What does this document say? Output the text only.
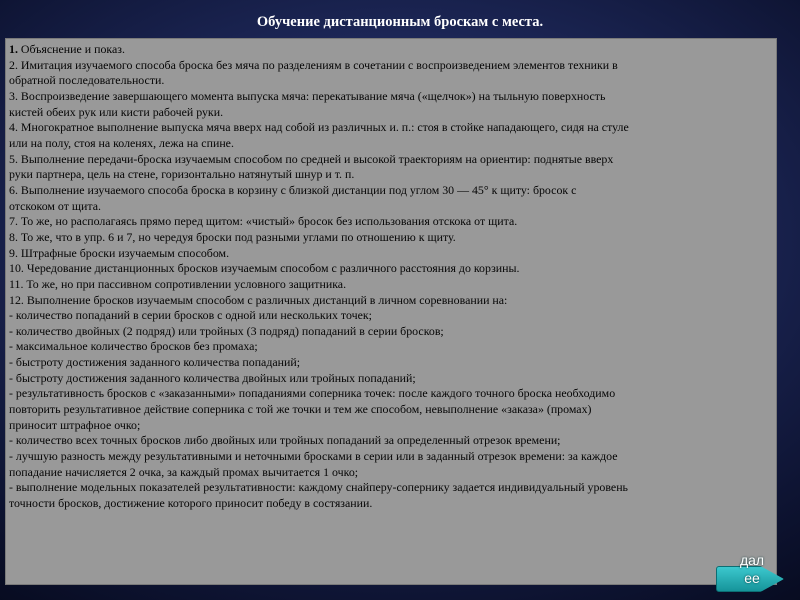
Обучение дистанционным броскам с места.
1. Объяснение и показ.
2. Имитация изучаемого способа броска без мяча по разделениям в сочетании с воспроизведением элементов техники в
обратной последовательности.
3. Воспроизведение завершающего момента выпуска мяча: перекатывание мяча («щелчок») на тыльную поверхность
кистей обеих рук или кисти рабочей руки.
4. Многократное выполнение выпуска мяча вверх над собой из различных и. п.: стоя в стойке нападающего, сидя на стуле
или на полу, стоя на коленях, лежа на спине.
5. Выполнение передачи-броска изучаемым способом по средней и высокой траекториям на ориентир: поднятые вверх
руки партнера, цель на стене, горизонтально натянутый шнур и т. п.
6. Выполнение изучаемого способа броска в корзину с близкой дистанции под углом 30 — 45° к щиту: бросок с
отскоком от щита.
7. То же, но располагаясь прямо перед щитом: «чистый» бросок без использования отскока от щита.
8. То же, что в упр. 6 и 7, но чередуя броски под разными углами по отношению к щиту.
9. Штрафные броски изучаемым способом.
10. Чередование дистанционных бросков изучаемым способом с различного расстояния до корзины.
11. То же, но при пассивном сопротивлении условного защитника.
12. Выполнение бросков изучаемым способом с различных дистанций в личном соревновании на:
- количество попаданий в серии бросков с одной или нескольких точек;
- количество двойных (2 подряд) или тройных (3 подряд) попаданий в серии бросков;
- максимальное количество бросков без промаха;
- быстроту достижения заданного количества попаданий;
- быстроту достижения заданного количества двойных или тройных попаданий;
- результативность бросков с «заказанными» попаданиями соперника точек: после каждого точного броска необходимо
повторить результативное действие соперника с той же точки и тем же способом, невыполнение «заказа» (промах)
приносит штрафное очко;
- количество всех точных бросков либо двойных или тройных попаданий за определенный отрезок времени;
- лучшую разность между результативными и неточными бросками в серии или в заданный отрезок времени: за каждое
попадание начисляется 2 очка, за каждый промах вычитается 1 очко;
- выполнение модельных показателей результативности: каждому снайперу-сопернику задается индивидуальный уровень
точности бросков, достижение которого приносит победу в состязании.
дал
ее
